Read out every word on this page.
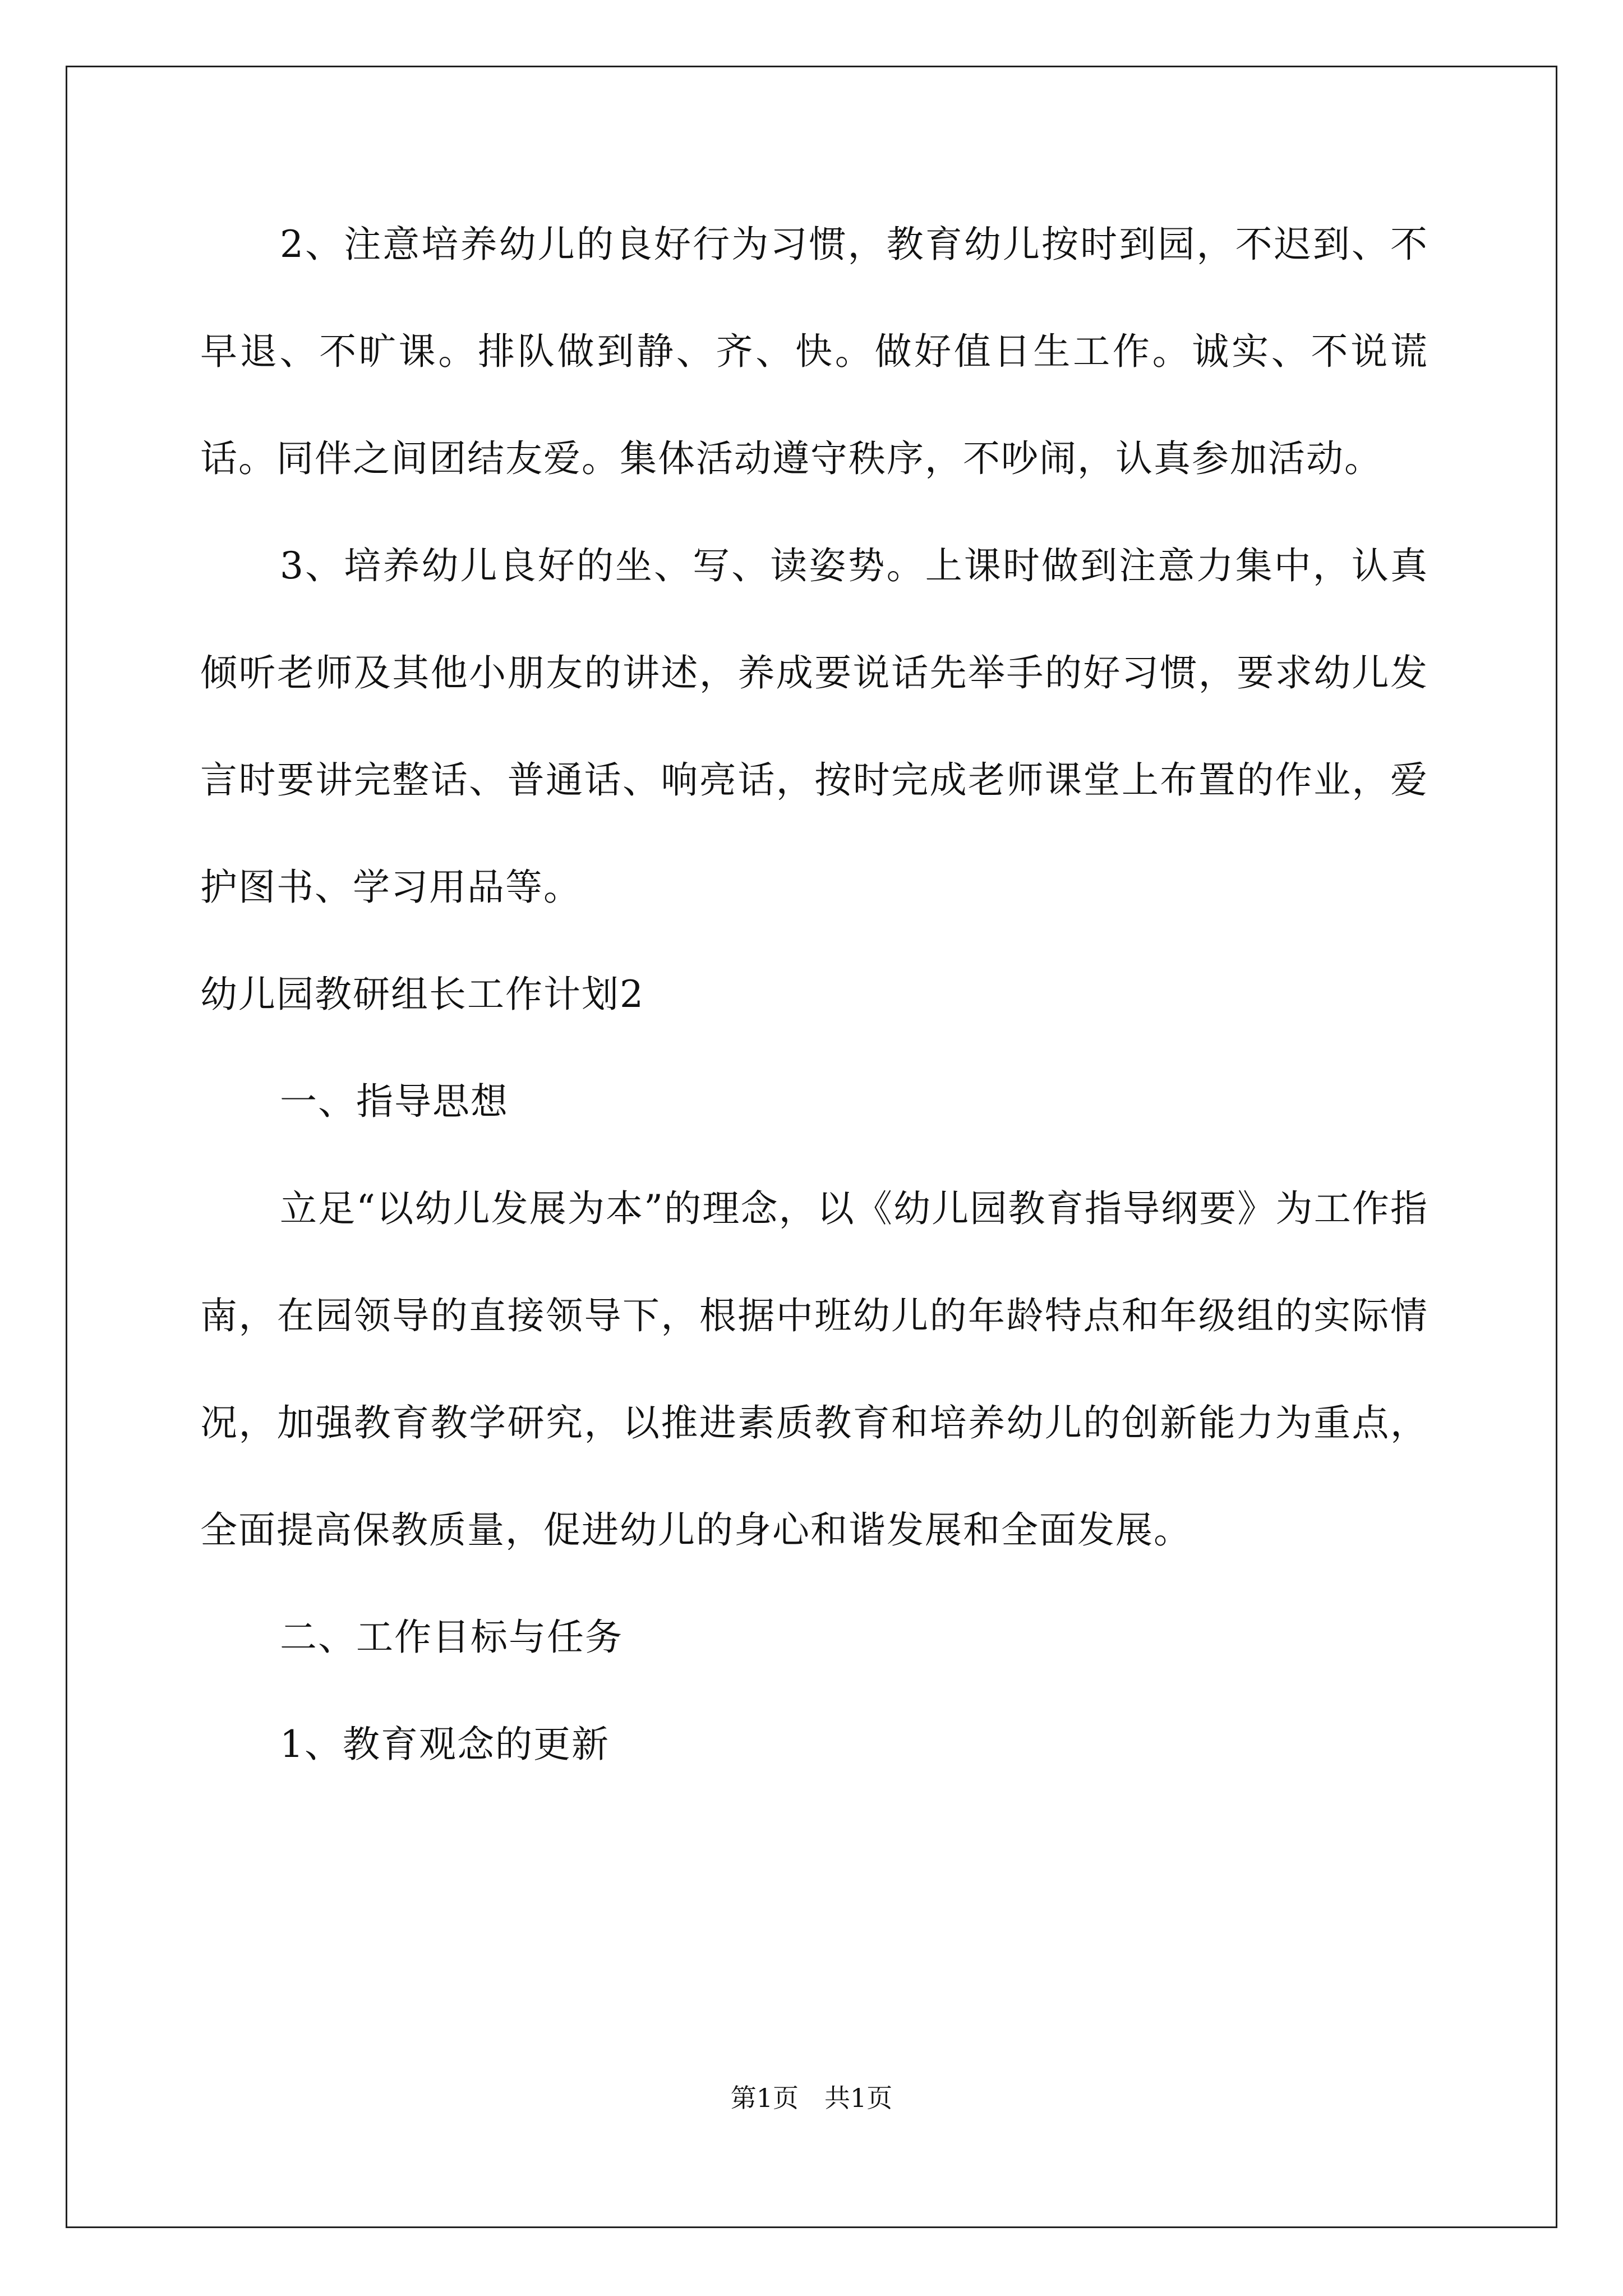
2、注意培养幼儿的良好行为习惯，教育幼儿按时到园，不迟到、不早退、不旷课。排队做到静、齐、快。做好值日生工作。诚实、不说谎话。同伴之间团结友爱。集体活动遵守秩序，不吵闹，认真参加活动。

3、培养幼儿良好的坐、写、读姿势。上课时做到注意力集中，认真倾听老师及其他小朋友的讲述，养成要说话先举手的好习惯，要求幼儿发言时要讲完整话、普通话、响亮话，按时完成老师课堂上布置的作业，爱护图书、学习用品等。

幼儿园教研组长工作计划2

一、指导思想

立足“以幼儿发展为本”的理念，以《幼儿园教育指导纲要》为工作指南，在园领导的直接领导下，根据中班幼儿的年龄特点和年级组的实际情况，加强教育教学研究，以推进素质教育和培养幼儿的创新能力为重点，全面提高保教质量，促进幼儿的身心和谐发展和全面发展。

二、工作目标与任务

1、教育观念的更新

第1页　共1页
